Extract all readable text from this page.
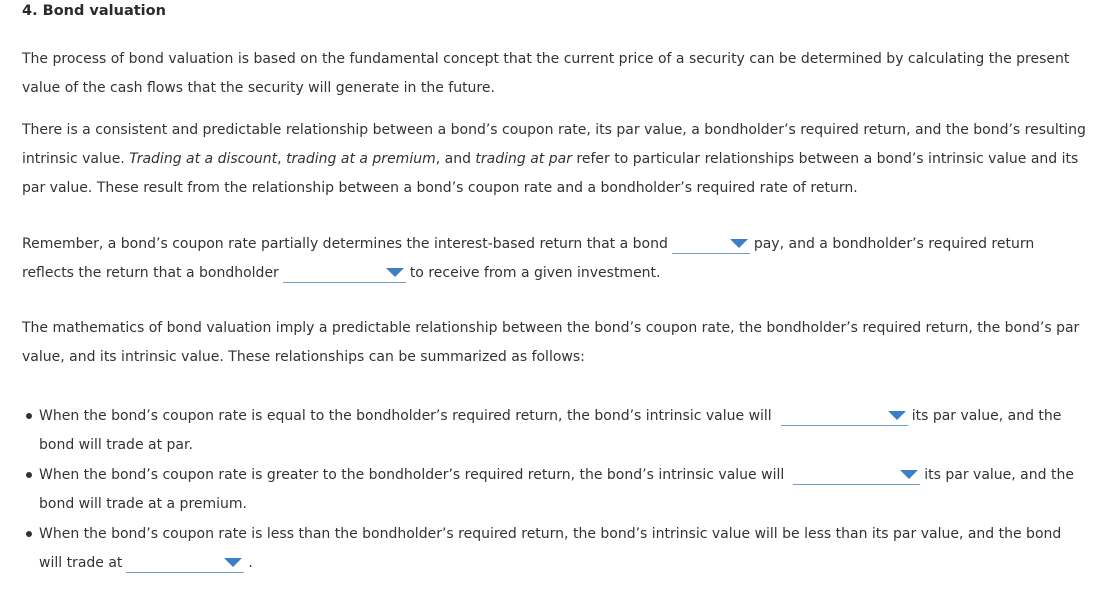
4. Bond valuation
The process of bond valuation is based on the fundamental concept that the current price of a security can be determined by calculating the present
value of the cash flows that the security will generate in the future.
There is a consistent and predictable relationship between a bond’s coupon rate, its par value, a bondholder’s required return, and the bond’s resulting
intrinsic value. Trading at a discount, trading at a premium, and trading at par refer to particular relationships between a bond’s intrinsic value and its
par value. These result from the relationship between a bond’s coupon rate and a bondholder’s required rate of return.
Remember, a bond’s coupon rate partially determines the interest-based return that a bond	pay, and a bondholder’s required return
reflects the return that a bondholder	to receive from a given investment.
The mathematics of bond valuation imply a predictable relationship between the bond’s coupon rate, the bondholder’s required return, the bond’s par
value, and its intrinsic value. These relationships can be summarized as follows:
When the bond’s coupon rate is equal to the bondholder’s required return, the bond’s intrinsic value will	its par value, and the
bond will trade at par.
When the bond’s coupon rate is greater to the bondholder’s required return, the bond’s intrinsic value will	its par value, and the
bond will trade at a premium.
When the bond’s coupon rate is less than the bondholder’s required return, the bond’s intrinsic value will be less than its par value, and the bond
will trade at	.
